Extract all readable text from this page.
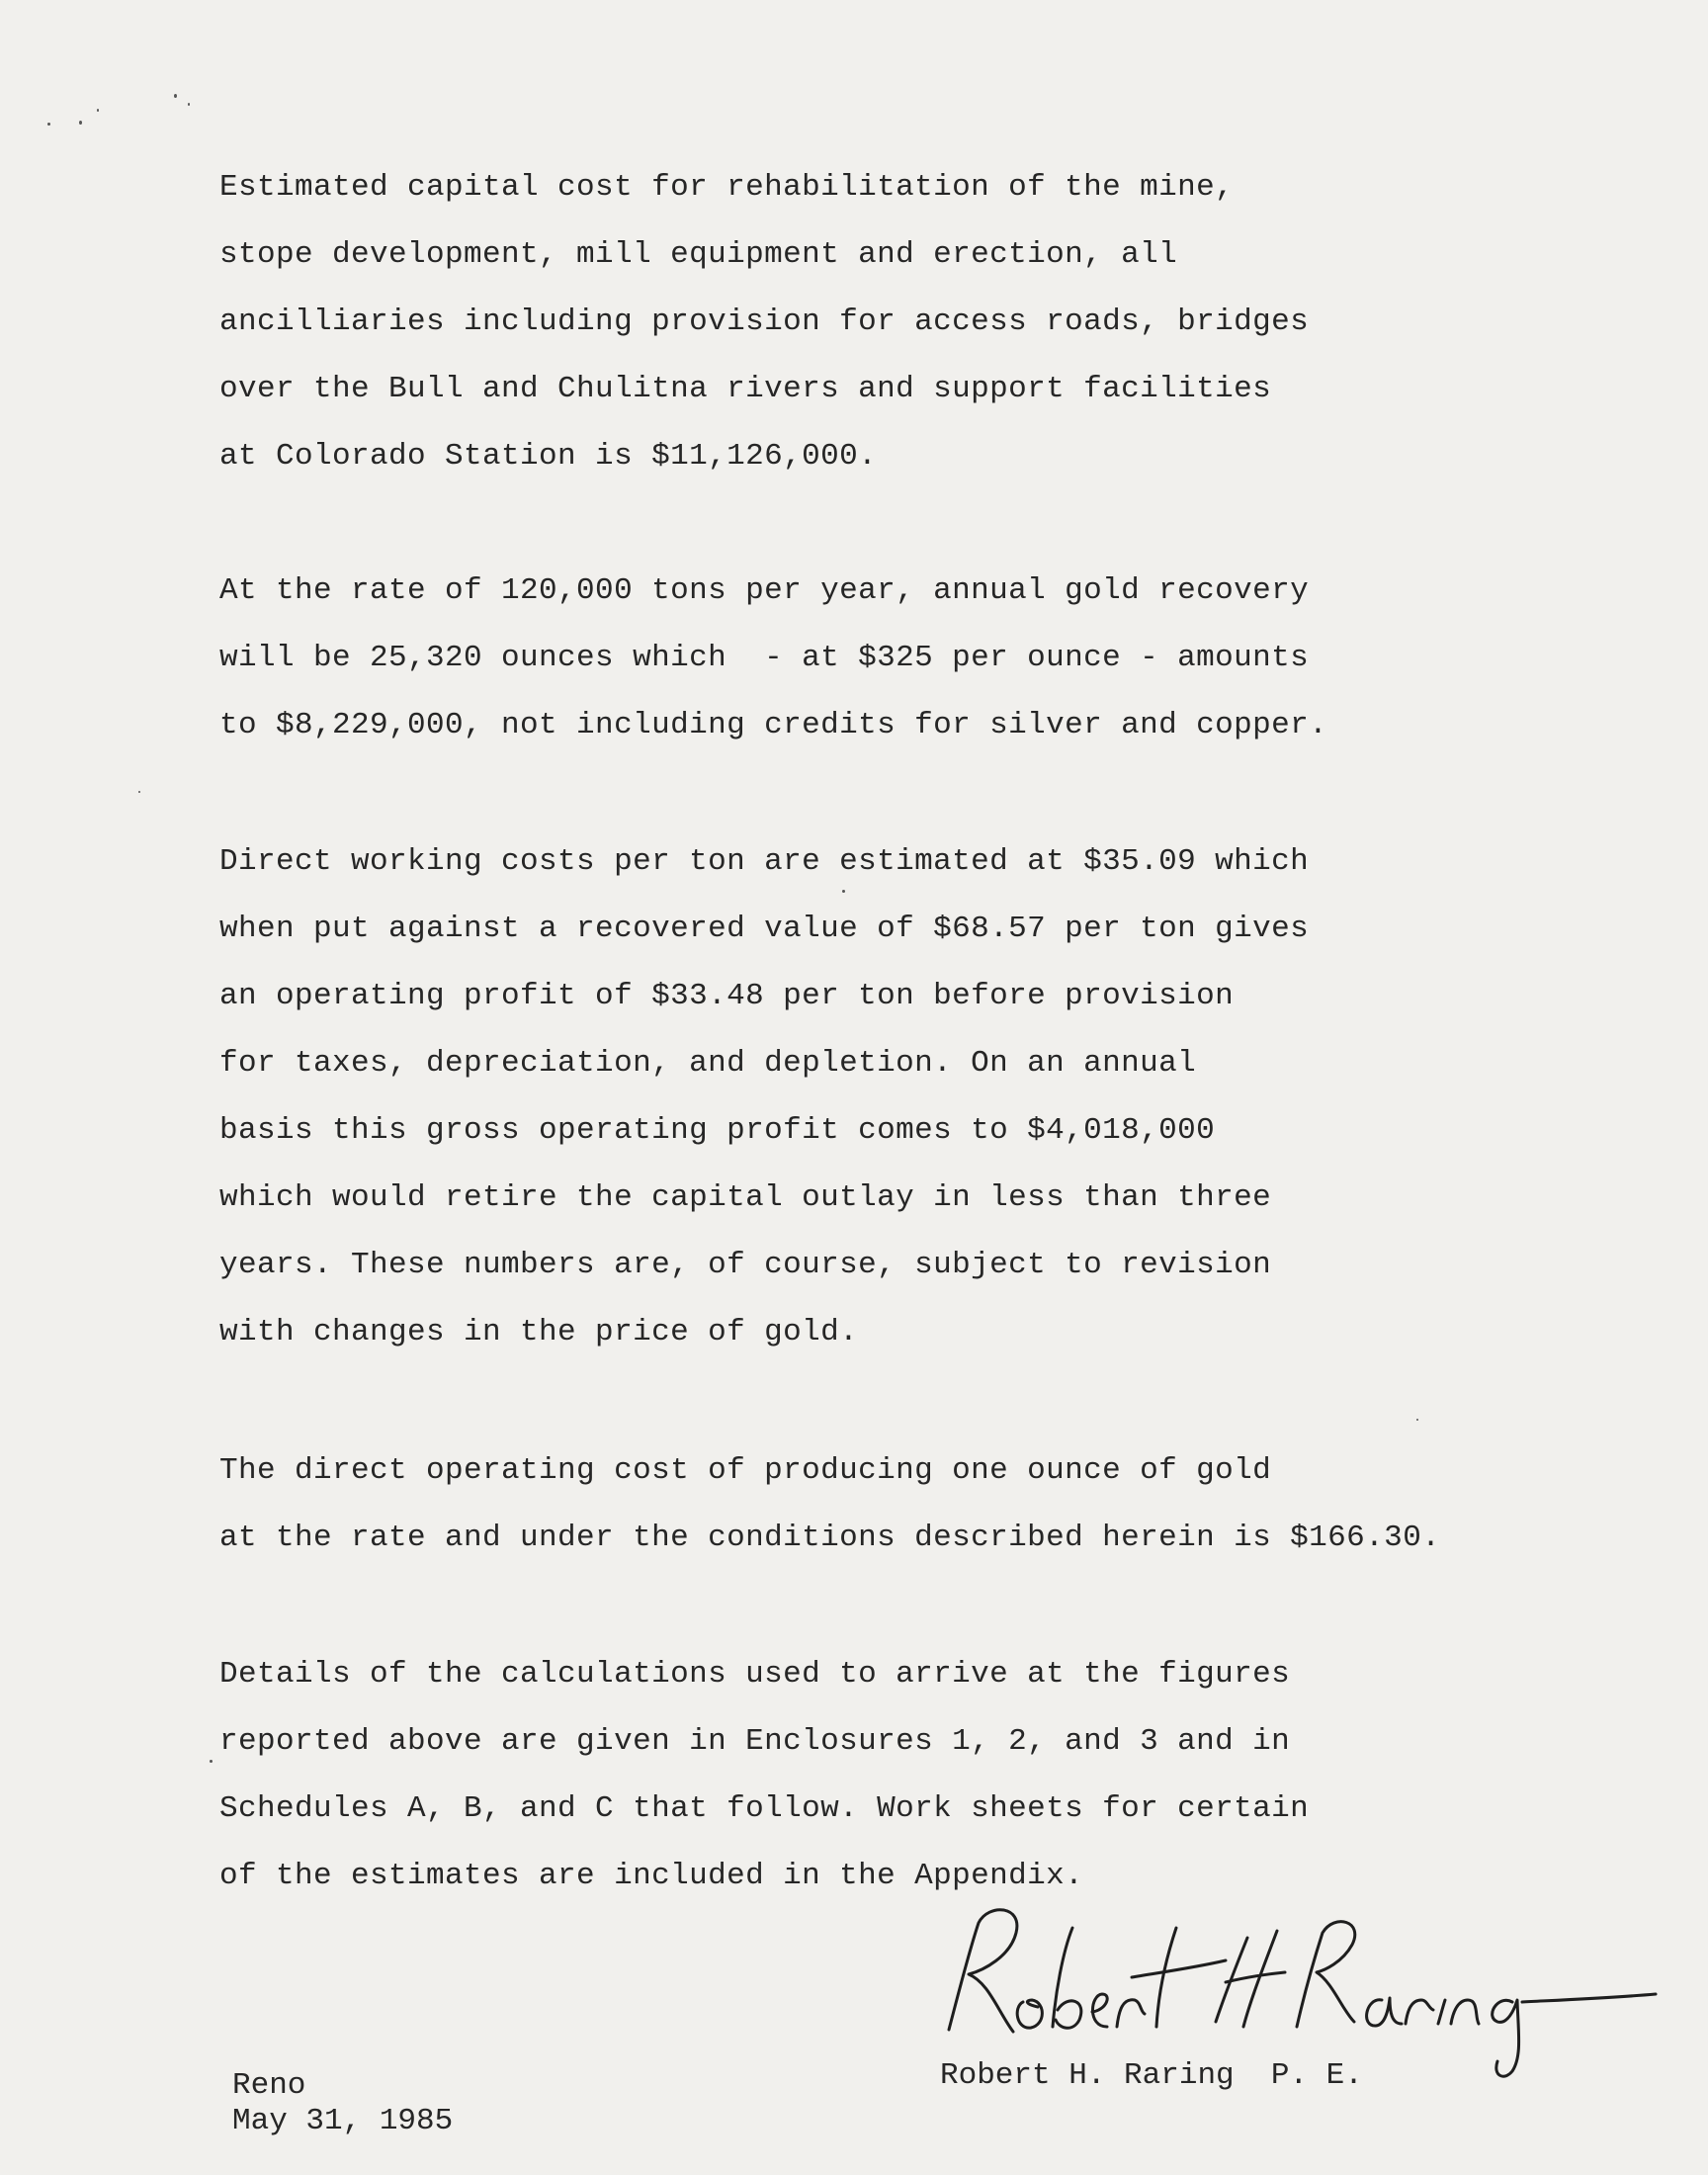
Estimated capital cost for rehabilitation of the mine,
stope development, mill equipment and erection, all
ancilliaries including provision for access roads, bridges
over the Bull and Chulitna rivers and support facilities
at Colorado Station is $11,126,000.
At the rate of 120,000 tons per year, annual gold recovery
will be 25,320 ounces which  - at $325 per ounce - amounts
to $8,229,000, not including credits for silver and copper.
Direct working costs per ton are estimated at $35.09 which
when put against a recovered value of $68.57 per ton gives
an operating profit of $33.48 per ton before provision
for taxes, depreciation, and depletion. On an annual
basis this gross operating profit comes to $4,018,000
which would retire the capital outlay in less than three
years. These numbers are, of course, subject to revision
with changes in the price of gold.
The direct operating cost of producing one ounce of gold
at the rate and under the conditions described herein is $166.30.
Details of the calculations used to arrive at the figures
reported above are given in Enclosures 1, 2, and 3 and in
Schedules A, B, and C that follow. Work sheets for certain
of the estimates are included in the Appendix.
Robert H. Raring  P. E.
Reno
May 31, 1985
